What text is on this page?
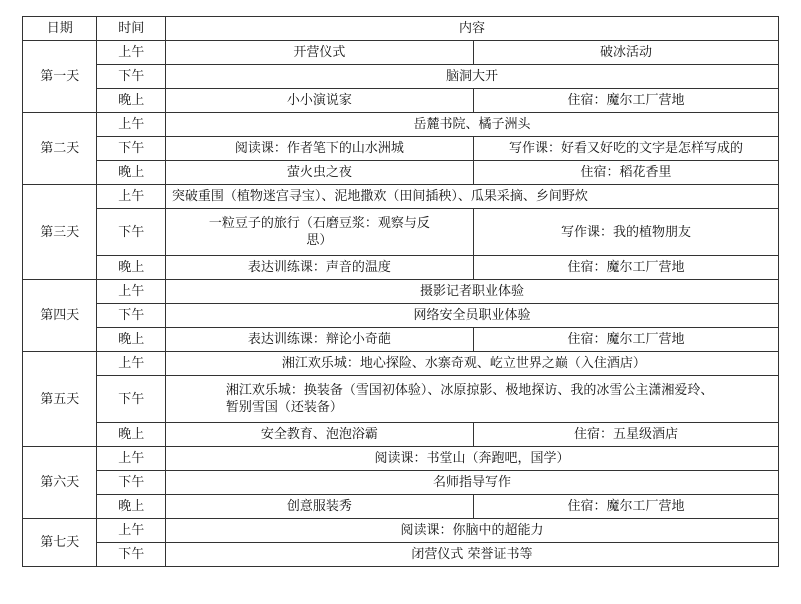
日期	时间	内容	
第一天	上午	开营仪式	破冰活动
	下午	脑洞大开	
	晚上	小小演说家	住宿：魔尔工厂营地
第二天	上午	岳麓书院、橘子洲头	
	下午	阅读课：作者笔下的山水洲城	写作课：好看又好吃的文字是怎样写成的
	晚上	萤火虫之夜	住宿：稻花香里
第三天	上午	突破重围（植物迷宫寻宝）、泥地撒欢（田间插秧）、瓜果采摘、乡间野炊	
	下午	一粒豆子的旅行（石磨豆浆：观察与反思）	写作课：我的植物朋友
	晚上	表达训练课：声音的温度	住宿：魔尔工厂营地
第四天	上午	摄影记者职业体验	
	下午	网络安全员职业体验	
	晚上	表达训练课：辩论小奇葩	住宿：魔尔工厂营地
第五天	上午	湘江欢乐城：地心探险、水寨奇观、屹立世界之巅（入住酒店）	
	下午	湘江欢乐城：换装备（雪国初体验）、冰原掠影、极地探访、我的冰雪公主潇湘爱玲、暂别雪国（还装备）	
	晚上	安全教育、泡泡浴霸	住宿：五星级酒店
第六天	上午	阅读课：书堂山（奔跑吧，国学）	
	下午	名师指导写作	
	晚上	创意服装秀	住宿：魔尔工厂营地
第七天	上午	阅读课：你脑中的超能力	
	下午	闭营仪式 荣誉证书等	
